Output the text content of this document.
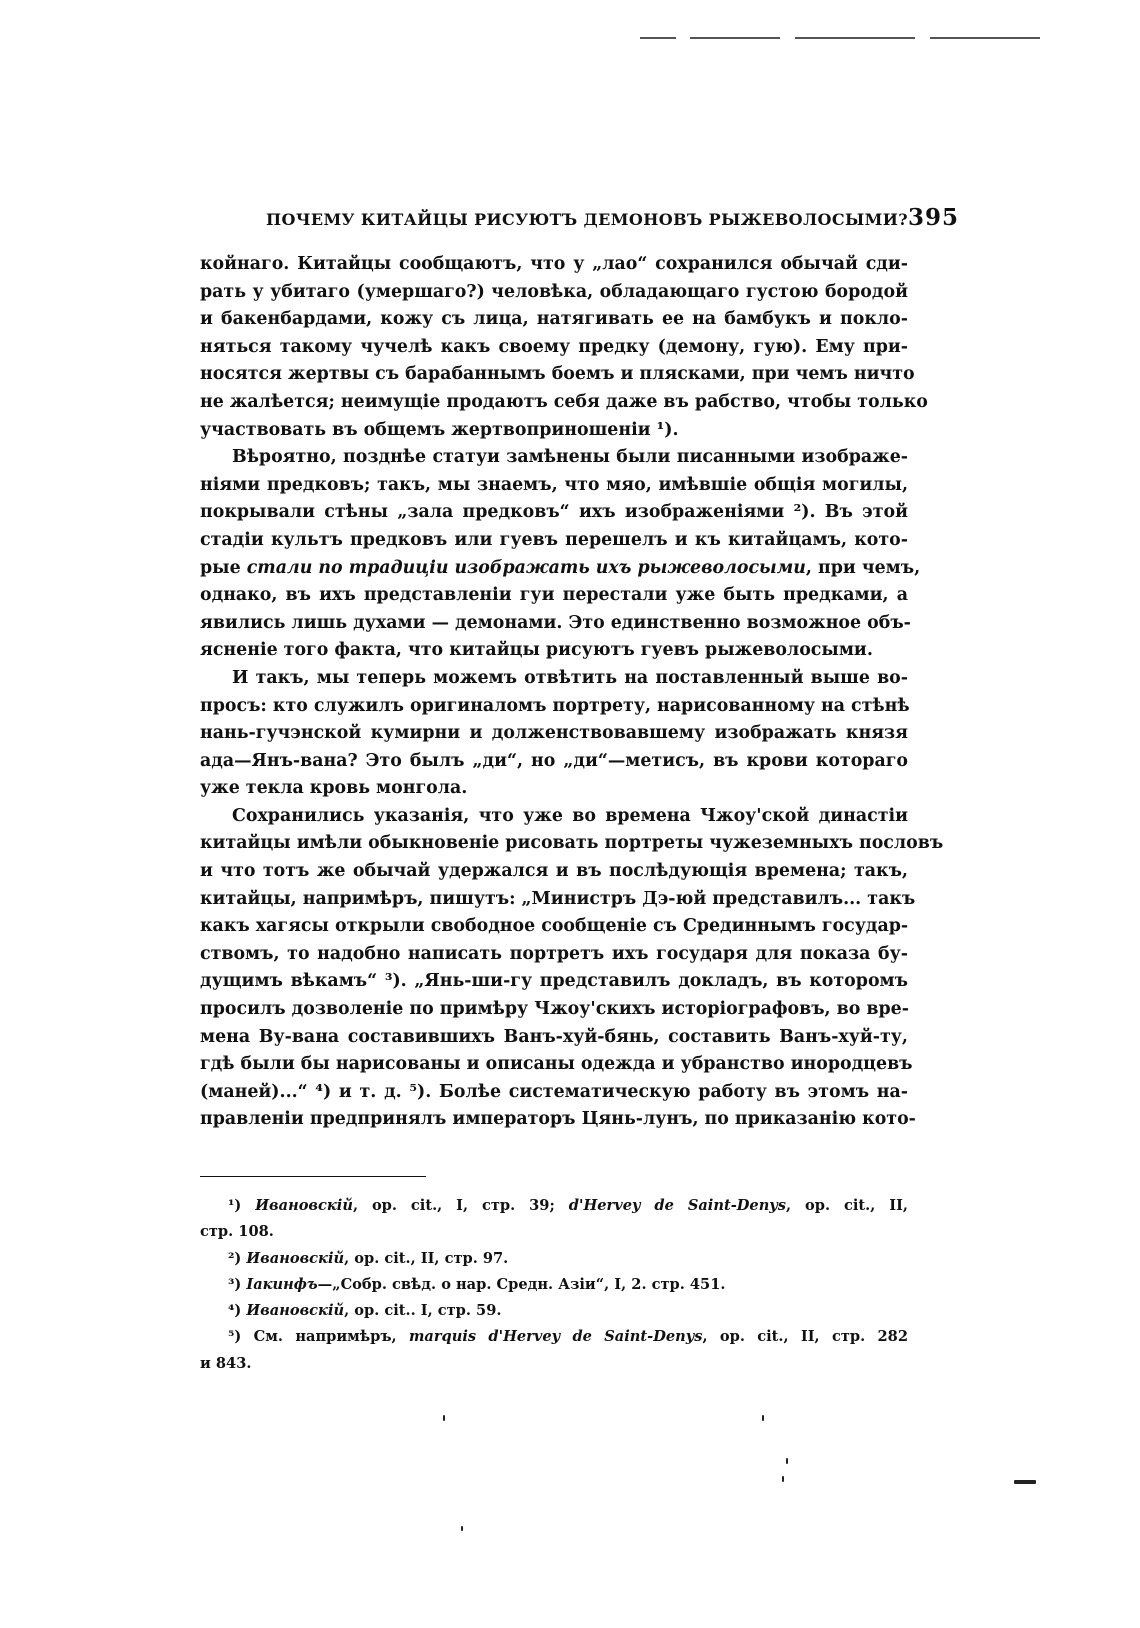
ПОЧЕМУ КИТАЙЦЫ РИСУЮТЪ ДЕМОНОВЪ РЫЖЕВОЛОСЫМИ? 395
койнаго. Китайцы сообщаютъ, что у „лао“ сохранился обычай сди-
рать у убитаго (умершаго?) человѣка, обладающаго густою бородой
и бакенбардами, кожу съ лица, натягивать ее на бамбукъ и покло-
няться такому чучелѣ какъ своему предку (демону, гую). Ему при-
носятся жертвы съ барабаннымъ боемъ и плясками, при чемъ ничто
не жалѣется; неимущіе продаютъ себя даже въ рабство, чтобы только
участвовать въ общемъ жертвоприношеніи ¹).
Вѣроятно, позднѣе статуи замѣнены были писанными изображе-
ніями предковъ; такъ, мы знаемъ, что мяо, имѣвшіе общія могилы,
покрывали стѣны „зала предковъ“ ихъ изображеніями ²). Въ этой
стадіи культъ предковъ или гуевъ перешелъ и къ китайцамъ, кото-
рые стали по традиціи изображать ихъ рыжеволосыми, при чемъ,
однако, въ ихъ представленіи гуи перестали уже быть предками, а
явились лишь духами — демонами. Это единственно возможное объ-
ясненіе того факта, что китайцы рисуютъ гуевъ рыжеволосыми.
И такъ, мы теперь можемъ отвѣтить на поставленный выше во-
просъ: кто служилъ оригиналомъ портрету, нарисованному на стѣнѣ
нань-гучэнской кумирни и долженствовавшему изображать князя
ада—Янъ-вана? Это былъ „ди“, но „ди“—метисъ, въ крови котораго
уже текла кровь монгола.
Сохранились указанія, что уже во времена Чжоу'ской династіи
китайцы имѣли обыкновеніе рисовать портреты чужеземныхъ пословъ
и что тотъ же обычай удержался и въ послѣдующія времена; такъ,
китайцы, напримѣръ, пишутъ: „Министръ Дэ-юй представилъ... такъ
какъ хагясы открыли свободное сообщеніе съ Срединнымъ государ-
ствомъ, то надобно написать портретъ ихъ государя для показа бу-
дущимъ вѣкамъ“ ³). „Янь-ши-гу представилъ докладъ, въ которомъ
просилъ дозволеніе по примѣру Чжоу'скихъ исторіографовъ, во вре-
мена Ву-вана составившихъ Ванъ-хуй-бянь, составить Ванъ-хуй-ту,
гдѣ были бы нарисованы и описаны одежда и убранство инородцевъ
(маней)...“ ⁴) и т. д. ⁵). Болѣе систематическую работу въ этомъ на-
правленіи предпринялъ императоръ Цянь-лунъ, по приказанію кото-
¹) Ивановскій, op. cit., I, стр. 39; d'Hervey de Saint-Denys, op. cit., II,
стр. 108.
²) Ивановскій, op. cit., II, стр. 97.
³) Іакинфъ—„Собр. свѣд. о нар. Средн. Азіи“, I, 2. стр. 451.
⁴) Ивановскій, op. cit.. I, стр. 59.
⁵) См. напримѣръ, marquis d'Hervey de Saint-Denys, op. cit., II, стр. 282
и 843.
